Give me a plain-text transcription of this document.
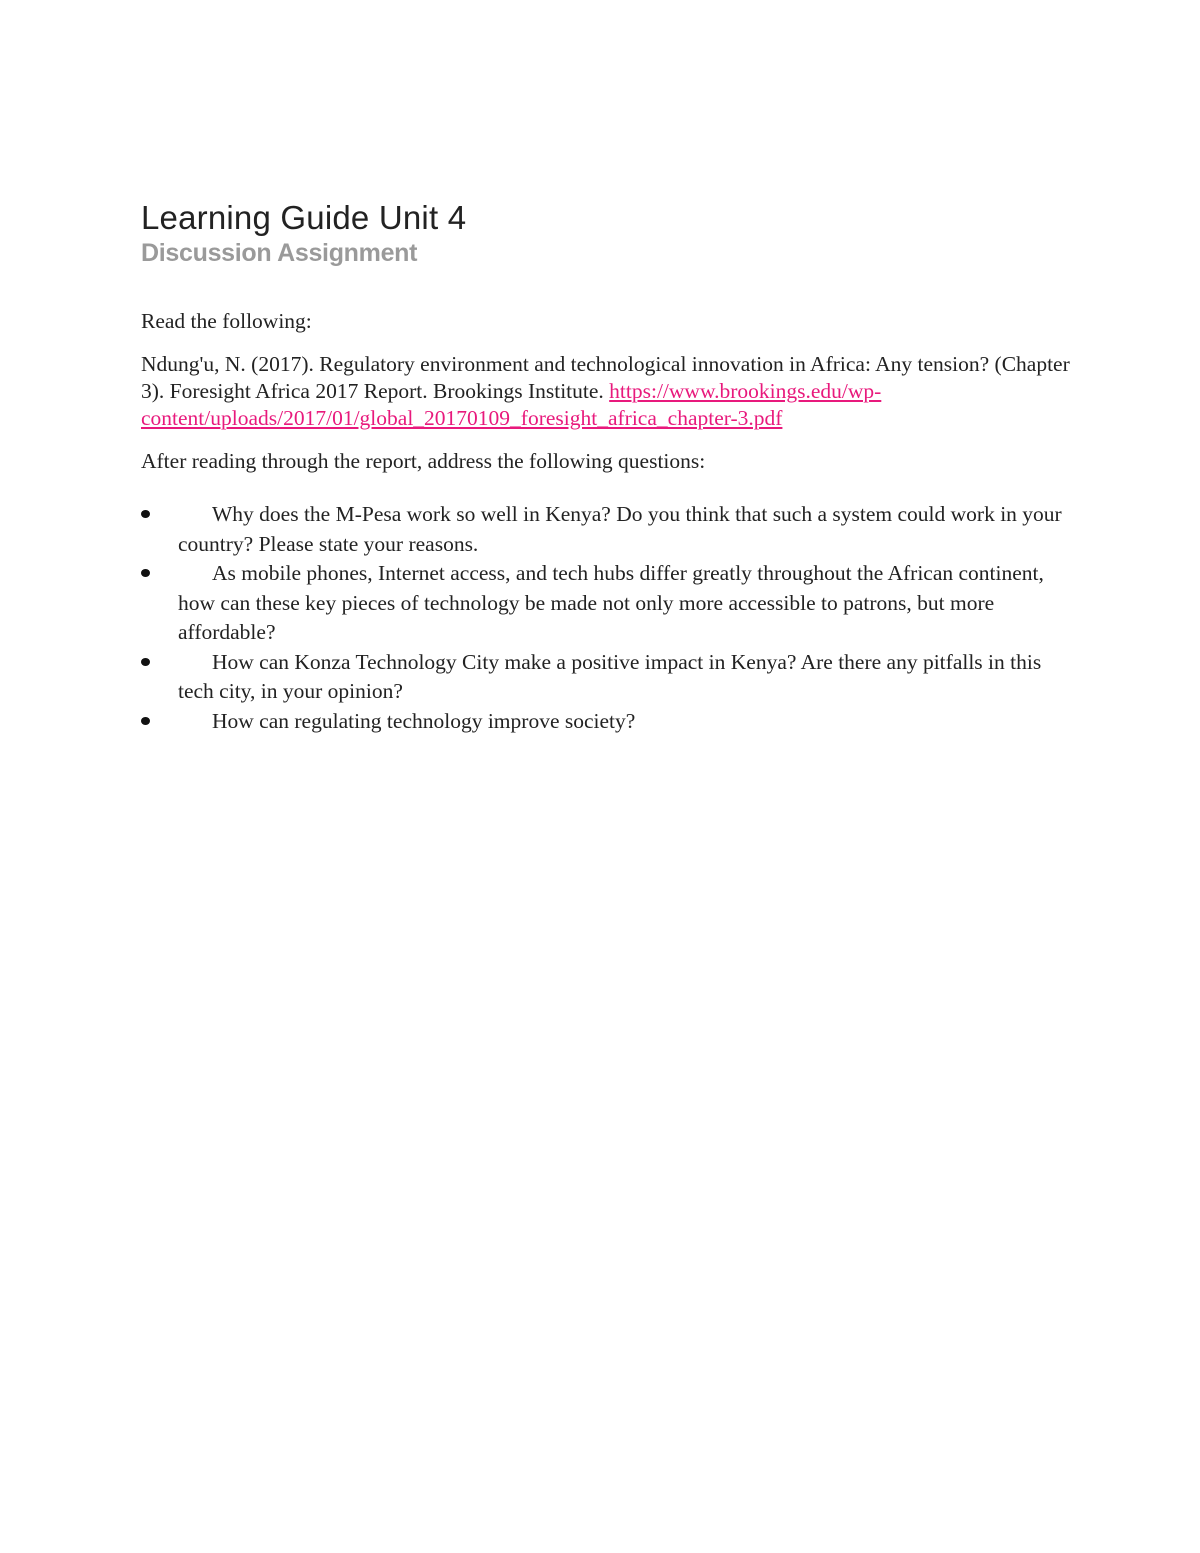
Learning Guide Unit 4
Discussion Assignment

Read the following:

Ndung'u, N. (2017). Regulatory environment and technological innovation in Africa: Any tension? (Chapter 3). Foresight Africa 2017 Report. Brookings Institute. https://www.brookings.edu/wp-
content/uploads/2017/01/global_20170109_foresight_africa_chapter-3.pdf

After reading through the report, address the following questions:

Why does the M-Pesa work so well in Kenya? Do you think that such a system could work in your country? Please state your reasons.
As mobile phones, Internet access, and tech hubs differ greatly throughout the African continent, how can these key pieces of technology be made not only more accessible to patrons, but more affordable?
How can Konza Technology City make a positive impact in Kenya? Are there any pitfalls in this tech city, in your opinion?
How can regulating technology improve society?
